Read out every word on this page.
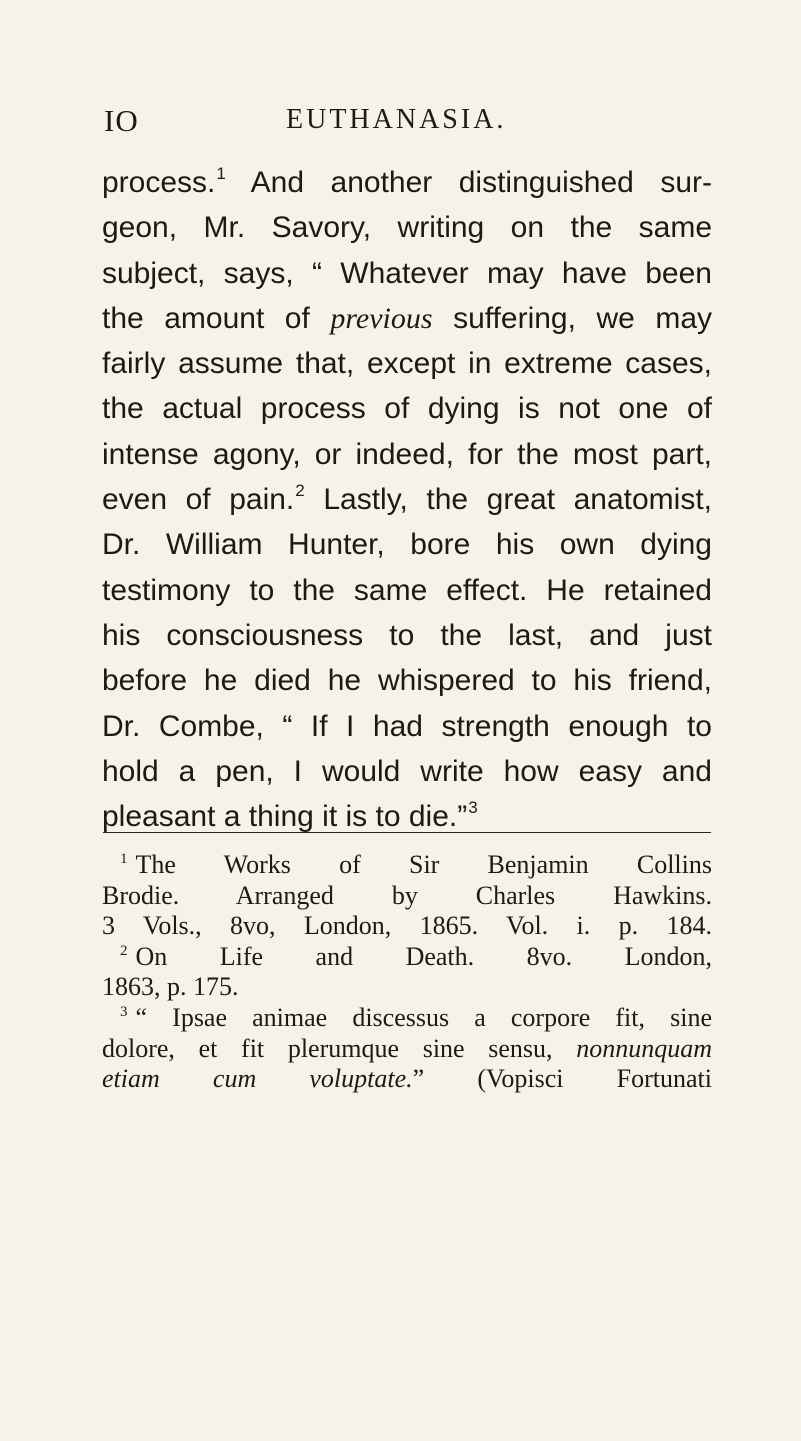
IO	EUTHANASIA.
process.$^1$ And another distinguished sur-
geon, Mr. Savory, writing on the same
subject, says, “ Whatever may have been
the amount of previous suffering, we may
fairly assume that, except in extreme cases,
the actual process of dying is not one of
intense agony, or indeed, for the most part,
even of pain.$^2$ Lastly, the great anatomist,
Dr. William Hunter, bore his own dying
testimony to the same effect. He retained
his consciousness to the last, and just
before he died he whispered to his friend,
Dr. Combe, “ If I had strength enough to
hold a pen, I would write how easy and
pleasant a thing it is to die.”$^3$
$^1$ The Works of Sir Benjamin Collins
Brodie. Arranged by Charles Hawkins.
3 Vols., 8vo, London, 1865. Vol. i. p. 184.
$^2$ On Life and Death. 8vo. London,
1863, p. 175.
$^3$ “ Ipsae animae discessus a corpore fit, sine
dolore, et fit plerumque sine sensu, nonnunquam
etiam cum voluptate.” (Vopisci Fortunati
